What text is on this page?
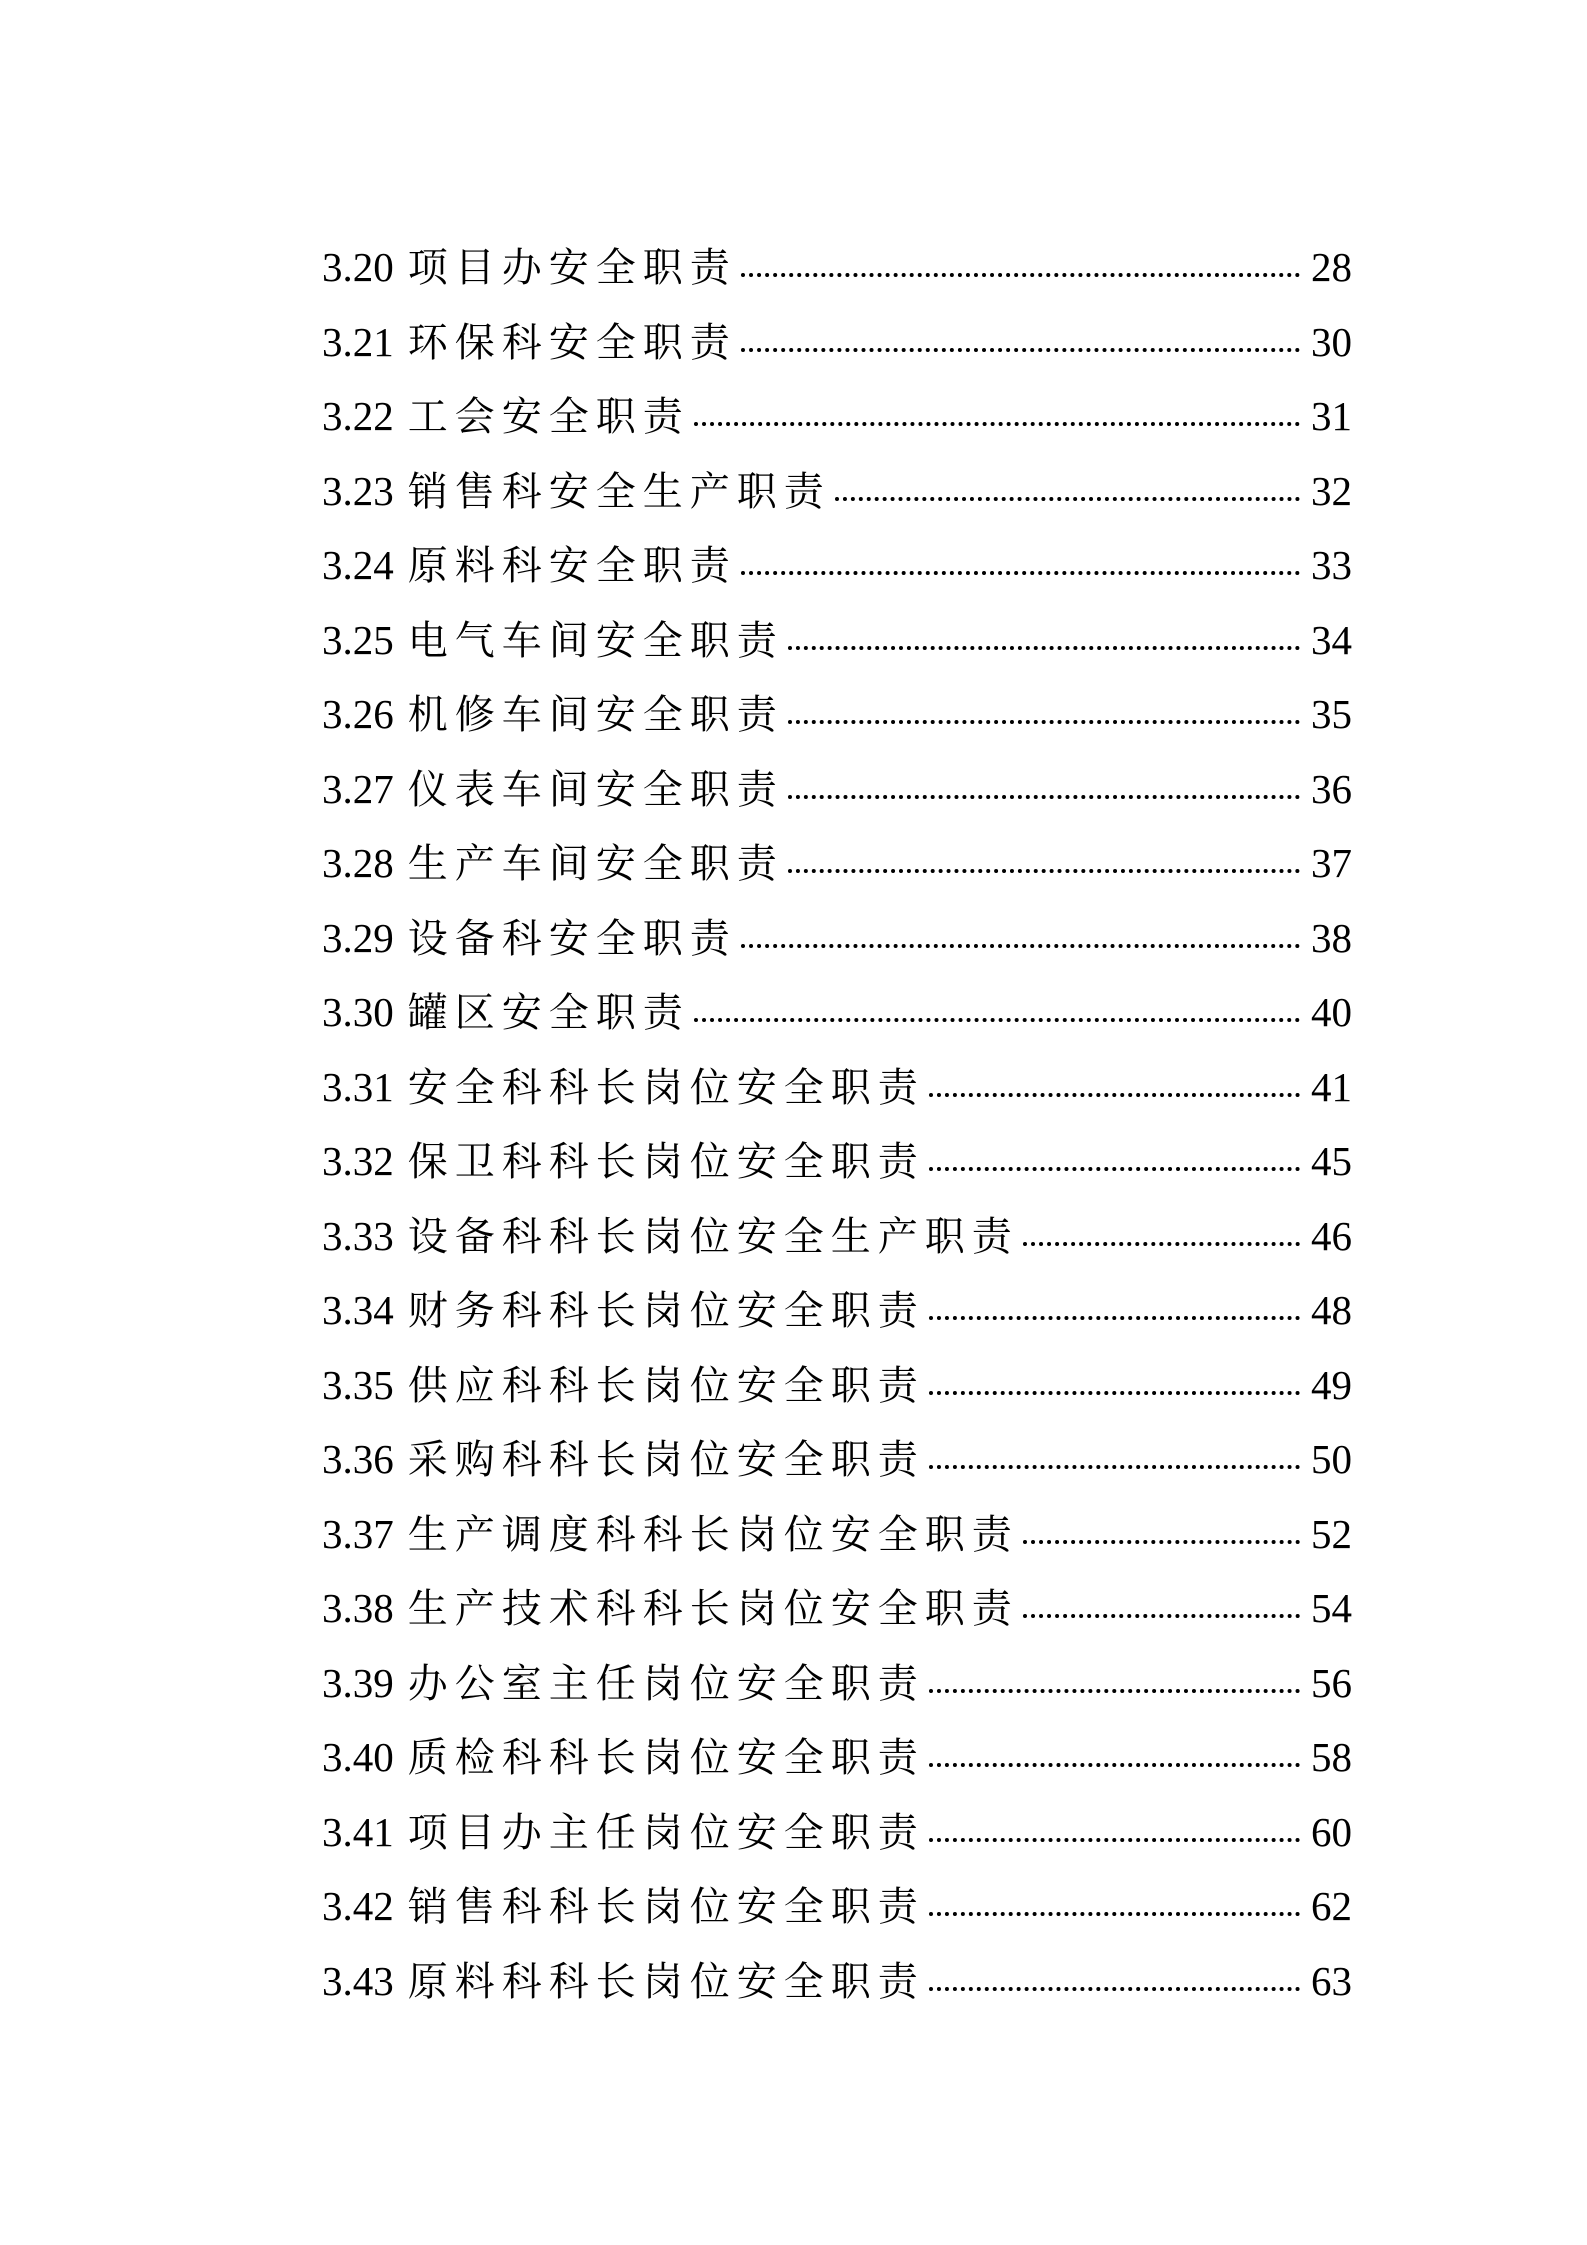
3.20 项目办安全职责	28
3.21 环保科安全职责	30
3.22 工会安全职责	31
3.23 销售科安全生产职责	32
3.24 原料科安全职责	33
3.25 电气车间安全职责	34
3.26 机修车间安全职责	35
3.27 仪表车间安全职责	36
3.28 生产车间安全职责	37
3.29 设备科安全职责	38
3.30 罐区安全职责	40
3.31 安全科科长岗位安全职责	41
3.32 保卫科科长岗位安全职责	45
3.33 设备科科长岗位安全生产职责	46
3.34 财务科科长岗位安全职责	48
3.35 供应科科长岗位安全职责	49
3.36 采购科科长岗位安全职责	50
3.37 生产调度科科长岗位安全职责	52
3.38 生产技术科科长岗位安全职责	54
3.39 办公室主任岗位安全职责	56
3.40 质检科科长岗位安全职责	58
3.41 项目办主任岗位安全职责	60
3.42 销售科科长岗位安全职责	62
3.43 原料科科长岗位安全职责	63
